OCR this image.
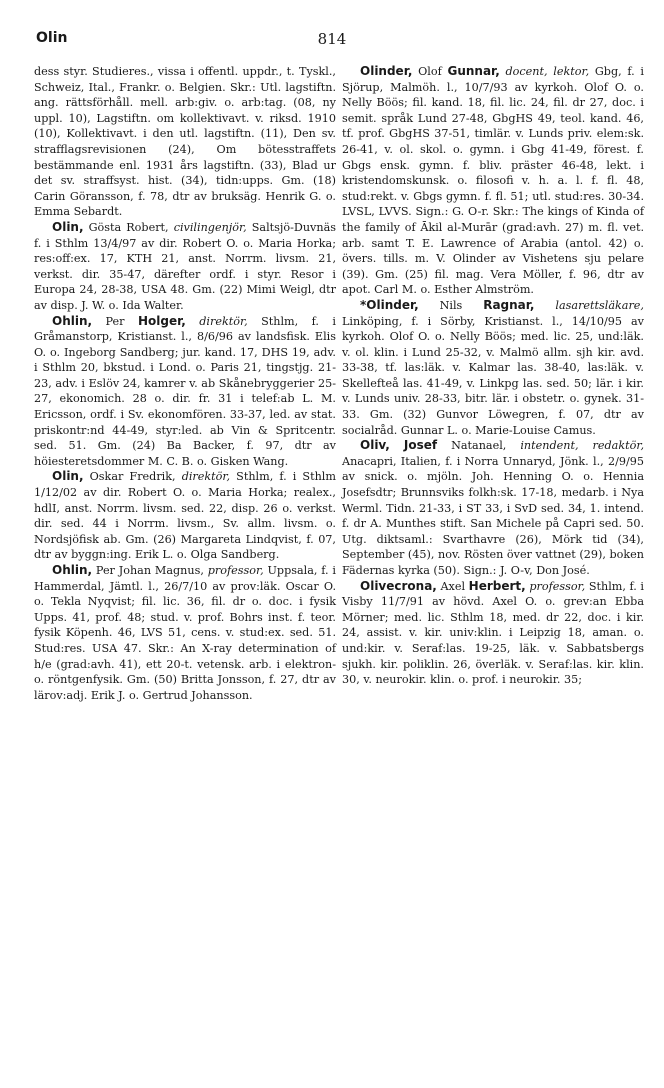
Olin	814

dess styr. Studieres., vissa i offentl. uppdr., t. Tyskl., Schweiz, Ital., Frankr. o. Belgien. Skr.: Utl. lagstiftn. ang. rättsförhåll. mell. arb:giv. o. arb:tag. (08, ny uppl. 10), Lagstiftn. om kollektivavt. v. riksd. 1910 (10), Kollektivavt. i den utl. lagstiftn. (11), Den sv. strafflagsrevisionen (24), Om bötesstraffets bestämmande enl. 1931 års lagstiftn. (33), Blad ur det sv. straffsyst. hist. (34), tidn:upps. Gm. (18) Carin Göransson, f. 78, dtr av bruksäg. Henrik G. o. Emma Sebardt.

Olin, Gösta Robert, civilingenjör, Saltsjö-Duvnäs f. i Sthlm 13/4/97 av dir. Robert O. o. Maria Horka; res:off:ex. 17, KTH 21, anst. Norrm. livsm. 21, verkst. dir. 35-47, därefter ordf. i styr. Resor i Europa 24, 28-38, USA 48. Gm. (22) Mimi Weigl, dtr av disp. J. W. o. Ida Walter.

Ohlin, Per Holger, direktör, Sthlm, f. i Gråmanstorp, Kristianst. l., 8/6/96 av landsfisk. Elis O. o. Ingeborg Sandberg; jur. kand. 17, DHS 19, adv. i Sthlm 20, bkstud. i Lond. o. Paris 21, tingstjg. 21-23, adv. i Eslöv 24, kamrer v. ab Skånebryggerier 25-27, ekonomich. 28 o. dir. fr. 31 i telef:ab L. M. Ericsson, ordf. i Sv. ekonomfören. 33-37, led. av stat. priskontr:nd 44-49, styr:led. ab Vin & Spritcentr. sed. 51. Gm. (24) Ba Backer, f. 97, dtr av höiesteretsdommer M. C. B. o. Gisken Wang.

Olin, Oskar Fredrik, direktör, Sthlm, f. i Sthlm 1/12/02 av dir. Robert O. o. Maria Horka; realex., hdlI, anst. Norrm. livsm. sed. 22, disp. 26 o. verkst. dir. sed. 44 i Norrm. livsm., Sv. allm. livsm. o. Nordsjöfisk ab. Gm. (26) Margareta Lindqvist, f. 07, dtr av byggn:ing. Erik L. o. Olga Sandberg.

Ohlin, Per Johan Magnus, professor, Uppsala, f. i Hammerdal, Jämtl. l., 26/7/10 av prov:läk. Oscar O. o. Tekla Nyqvist; fil. lic. 36, fil. dr o. doc. i fysik Upps. 41, prof. 48; stud. v. prof. Bohrs inst. f. teor. fysik Köpenh. 46, LVS 51, cens. v. stud:ex. sed. 51. Stud:res. USA 47. Skr.: An X-ray determination of h/e (grad:avh. 41), ett 20-t. vetensk. arb. i elektron- o. röntgenfysik. Gm. (50) Britta Jonsson, f. 27, dtr av lärov:adj. Erik J. o. Gertrud Johansson.

Olinder, Olof Gunnar, docent, lektor, Gbg, f. i Sjörup, Malmöh. l., 10/7/93 av kyrkoh. Olof O. o. Nelly Böös; fil. kand. 18, fil. lic. 24, fil. dr 27, doc. i semit. språk Lund 27-48, GbgHS 49, teol. kand. 46, tf. prof. GbgHS 37-51, timlär. v. Lunds priv. elem:sk. 26-41, v. ol. skol. o. gymn. i Gbg 41-49, förest. f. Gbgs ensk. gymn. f. bliv. präster 46-48, lekt. i kristendomskunsk. o. filosofi v. h. a. l. f. fl. 48, stud:rekt. v. Gbgs gymn. f. fl. 51; utl. stud:res. 30-34. LVSL, LVVS. Sign.: G. O-r. Skr.: The kings of Kinda of the family of Ākil al-Murār (grad:avh. 27) m. fl. vet. arb. samt T. E. Lawrence of Arabia (antol. 42) o. övers. tills. m. V. Olinder av Vishetens sju pelare (39). Gm. (25) fil. mag. Vera Möller, f. 96, dtr av apot. Carl M. o. Esther Almström.

*Olinder, Nils Ragnar, lasarettsläkare, Linköping, f. i Sörby, Kristianst. l., 14/10/95 av kyrkoh. Olof O. o. Nelly Böös; med. lic. 25, und:läk. v. ol. klin. i Lund 25-32, v. Malmö allm. sjh kir. avd. 33-38, tf. las:läk. v. Kalmar las. 38-40, las:läk. v. Skellefteå las. 41-49, v. Linkpg las. sed. 50; lär. i kir. v. Lunds univ. 28-33, bitr. lär. i obstetr. o. gynek. 31-33. Gm. (32) Gunvor Löwegren, f. 07, dtr av socialråd. Gunnar L. o. Marie-Louise Camus.

Oliv, Josef Natanael, intendent, redaktör, Anacapri, Italien, f. i Norra Unnaryd, Jönk. l., 2/9/95 av snick. o. mjöln. Joh. Henning O. o. Hennia Josefsdtr; Brunnsviks folkh:sk. 17-18, medarb. i Nya Werml. Tidn. 21-33, i ST 33, i SvD sed. 34, 1. intend. f. dr A. Munthes stift. San Michele på Capri sed. 50. Utg. diktsaml.: Svarthavre (26), Mörk tid (34), September (45), nov. Rösten över vattnet (29), boken Fädernas kyrka (50). Sign.: J. O-v, Don José.

Olivecrona, Axel Herbert, professor, Sthlm, f. i Visby 11/7/91 av hövd. Axel O. o. grev:an Ebba Mörner; med. lic. Sthlm 18, med. dr 22, doc. i kir. 24, assist. v. kir. univ:klin. i Leipzig 18, aman. o. und:kir. v. Seraf:las. 19-25, läk. v. Sabbatsbergs sjukh. kir. poliklin. 26, överläk. v. Seraf:las. kir. klin. 30, v. neurokir. klin. o. prof. i neurokir. 35;
